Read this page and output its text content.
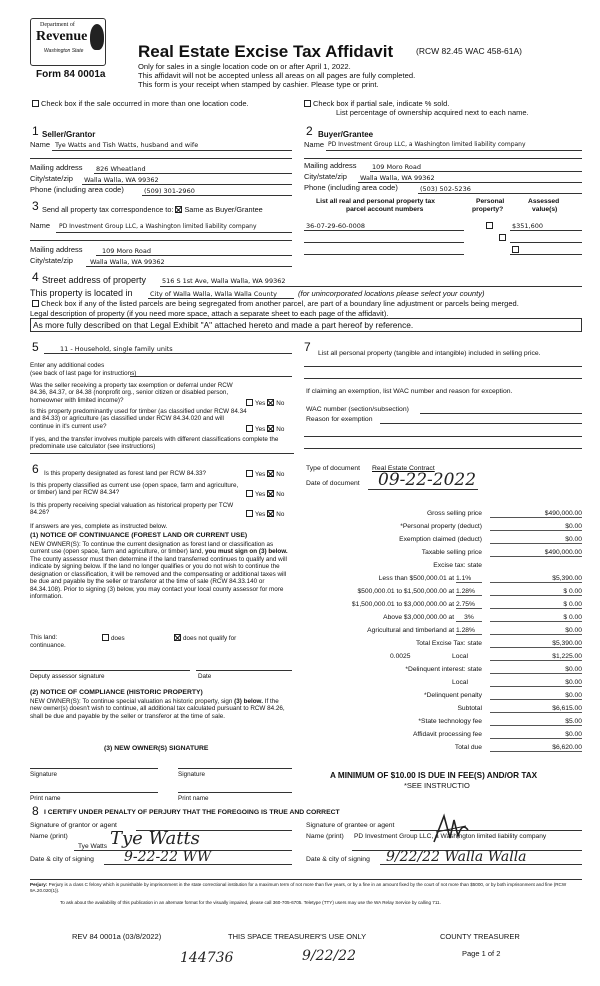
Department of
Revenue
Washington State
Form 84 0001a
Real Estate Excise Tax Affidavit	(RCW 82.45 WAC 458-61A)
Only for sales in a single location code on or after April 1, 2022.
This affidavit will not be accepted unless all areas on all pages are fully completed.
This form is your receipt when stamped by cashier. Please type or print.
Check box if the sale occurred in more than one location code.	Check box if partial sale, indicate % sold.
List percentage of ownership acquired next to each name.
1 Seller/Grantor
Name Tye Watts and Tish Watts, husband and wife
Mailing address 826 Wheatland
City/state/zip Walla Walla, WA 99362
Phone (including area code)	(509) 301-2960
2 Buyer/Grantee
Name PD Investment Group LLC, a Washington limited liability company
Mailing address 109 Moro Road
City/state/zip Walla Walla, WA 99362
Phone (including area code)	(503) 502-5236
3 Send all property tax correspondence to: Same as Buyer/Grantee
Name PD Investment Group LLC, a Washington limited liability company
Mailing address	109 Moro Road
City/state/zip	Walla Walla, WA 99362
List all real and personal property tax
parcel account numbers
Personal
property?
Assessed
value(s)
36-07-29-60-0008
	$351,600
4 Street address of property 516 S 1st Ave, Walla Walla, WA 99362
This property is located in	City of Walla Walla, Walla Walla County	(for unincorporated locations please select your county)
Check box if any of the listed parcels are being segregated from another parcel, are part of a boundary line adjustment or parcels being merged.
Legal description of property (if you need more space, attach a separate sheet to each page of the affidavit).
As more fully described on that Legal Exhibit "A" attached hereto and made a part hereof by reference.
5	11 - Household, single family units
Enter any additional codes
(see back of last page for instructions)
Was the seller receiving a property tax exemption or deferral under RCW 84.36, 84.37, or 84.38 (nonprofit org., senior citizen or disabled person, homeowner with limited income)?	Yes No
Is this property predominantly used for timber (as classified under RCW 84.34 and 84.33) or agriculture (as classified under RCW 84.34.020 and will continue in it's current use?	Yes No
If yes, and the transfer involves multiple parcels with different classifications complete the predominate use calculator (see instructions)
7 List all personal property (tangible and intangible) included in selling price.
If claiming an exemption, list WAC number and reason for exception.
WAC number (section/subsection)
Reason for exemption
6 Is this property designated as forest land per RCW 84.33?	Yes No
Is this property classified as current use (open space, farm and agriculture, or timber) land per RCW 84.34?	Yes No
Is this property receiving special valuation as historical property per TCW 84.26?	Yes No
If answers are yes, complete as instructed below.
(1) NOTICE OF CONTINUANCE (FOREST LAND OR CURRENT USE)
NEW OWNER(S): To continue the current designation as forest land or classification as current use (open space, farm and agriculture, or timber) land, you must sign on (3) below. The county assessor must then determine if the land transferred continues to qualify and will indicate by signing below. If the land no longer qualifies or you do not wish to continue the designation or classification, it will be removed and the compensating or additional taxes will be due and payable by the seller or transferor at the time of sale (RCW 84.33.140 or 84.34.108). Prior to signing (3) below, you may contact your local county assessor for more information.
This land:
continuance.
does	does not qualify for
Deputy assessor signature	Date
(2) NOTICE OF COMPLIANCE (HISTORIC PROPERTY)
NEW OWNER(S): To continue special valuation as historic property, sign (3) below. If the new owner(s) doesn't wish to continue, all additional tax calculated pursuant to RCW 84.26, shall be due and payable by the seller or transferor at the time of sale.
(3) NEW OWNER(S) SIGNATURE
Signature	Signature
Print name	Print name
Type of document Real Estate Contract
Date of document 09-22-2022
Gross selling price	$490,000.00
*Personal property (deduct)	$0.00
Exemption claimed (deduct)	$0.00
Taxable selling price	$490,000.00
Excise tax: state
Less than $500,000.01 at 1.1%	$5,390.00
$500,000.01 to $1,500,000.00 at 1.28%	$ 0.00
$1,500,000.01 to $3,000,000.00 at 2.75%	$ 0.00
Above $3,000,000.00 at 3%	$ 0.00
Agricultural and timberland at 1.28%	$0.00
Total Excise Tax: state	$5,390.00
0.0025	Local	$1,225.00
*Delinquent interest: state	$0.00
Local	$0.00
*Delinquent penalty	$0.00
Subtotal	$6,615.00
*State technology fee	$5.00
Affidavit processing fee	$0.00
Total due	$6,620.00
A MINIMUM OF $10.00 IS DUE IN FEE(S) AND/OR TAX
*SEE INSTRUCTIO
8 I CERTIFY UNDER PENALTY OF PERJURY THAT THE FOREGOING IS TRUE AND CORRECT
Signature of grantor or agent
Name (print)
Tye Watts Tye Watts
Date & city of signing 9-22-22 WW
Signature of grantee or agent
Name (print) PD Investment Group LLC, a Washington limited liability company
Date & city of signing 9/22/22 Walla Walla
Perjury: Perjury is a class C felony which is punishable by imprisonment in the state correctional institution for a maximum term of not more than five years, or by a fine in an amount fixed by the court of not more than $5000, or by both imprisonment and fine (RCW 9A.20.020(1)).
To ask about the availability of this publication in an alternate format for the visually impaired, please call 360-705-6705. Teletype (TTY) users may use the WA Relay Service by calling 711.
REV 84 0001a (03/8/2022)	THIS SPACE TREASURER'S USE ONLY	COUNTY TREASURER
Page 1 of 2
144736	9/22/22
